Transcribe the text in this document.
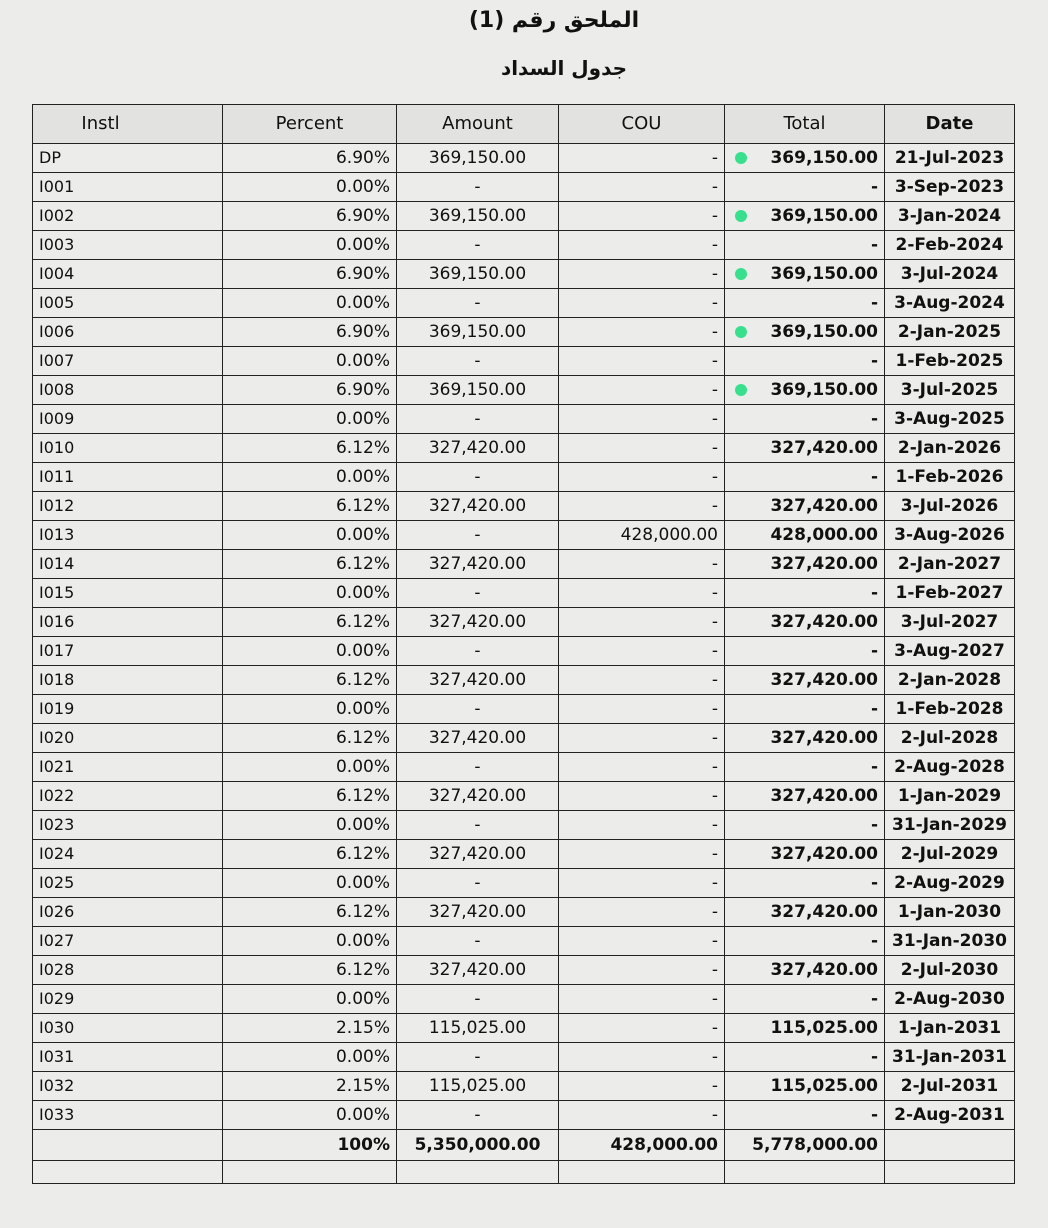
الملحق رقم (1)
جدول السداد
Instl	Percent	Amount	COU	Total	Date
DP	6.90%	369,150.00	-	369,150.00	21-Jul-2023
I001	0.00%	-	-	-	3-Sep-2023
I002	6.90%	369,150.00	-	369,150.00	3-Jan-2024
I003	0.00%	-	-	-	2-Feb-2024
I004	6.90%	369,150.00	-	369,150.00	3-Jul-2024
I005	0.00%	-	-	-	3-Aug-2024
I006	6.90%	369,150.00	-	369,150.00	2-Jan-2025
I007	0.00%	-	-	-	1-Feb-2025
I008	6.90%	369,150.00	-	369,150.00	3-Jul-2025
I009	0.00%	-	-	-	3-Aug-2025
I010	6.12%	327,420.00	-	327,420.00	2-Jan-2026
I011	0.00%	-	-	-	1-Feb-2026
I012	6.12%	327,420.00	-	327,420.00	3-Jul-2026
I013	0.00%	-	428,000.00	428,000.00	3-Aug-2026
I014	6.12%	327,420.00	-	327,420.00	2-Jan-2027
I015	0.00%	-	-	-	1-Feb-2027
I016	6.12%	327,420.00	-	327,420.00	3-Jul-2027
I017	0.00%	-	-	-	3-Aug-2027
I018	6.12%	327,420.00	-	327,420.00	2-Jan-2028
I019	0.00%	-	-	-	1-Feb-2028
I020	6.12%	327,420.00	-	327,420.00	2-Jul-2028
I021	0.00%	-	-	-	2-Aug-2028
I022	6.12%	327,420.00	-	327,420.00	1-Jan-2029
I023	0.00%	-	-	-	31-Jan-2029
I024	6.12%	327,420.00	-	327,420.00	2-Jul-2029
I025	0.00%	-	-	-	2-Aug-2029
I026	6.12%	327,420.00	-	327,420.00	1-Jan-2030
I027	0.00%	-	-	-	31-Jan-2030
I028	6.12%	327,420.00	-	327,420.00	2-Jul-2030
I029	0.00%	-	-	-	2-Aug-2030
I030	2.15%	115,025.00	-	115,025.00	1-Jan-2031
I031	0.00%	-	-	-	31-Jan-2031
I032	2.15%	115,025.00	-	115,025.00	2-Jul-2031
I033	0.00%	-	-	-	2-Aug-2031
	100%	5,350,000.00	428,000.00	5,778,000.00	
